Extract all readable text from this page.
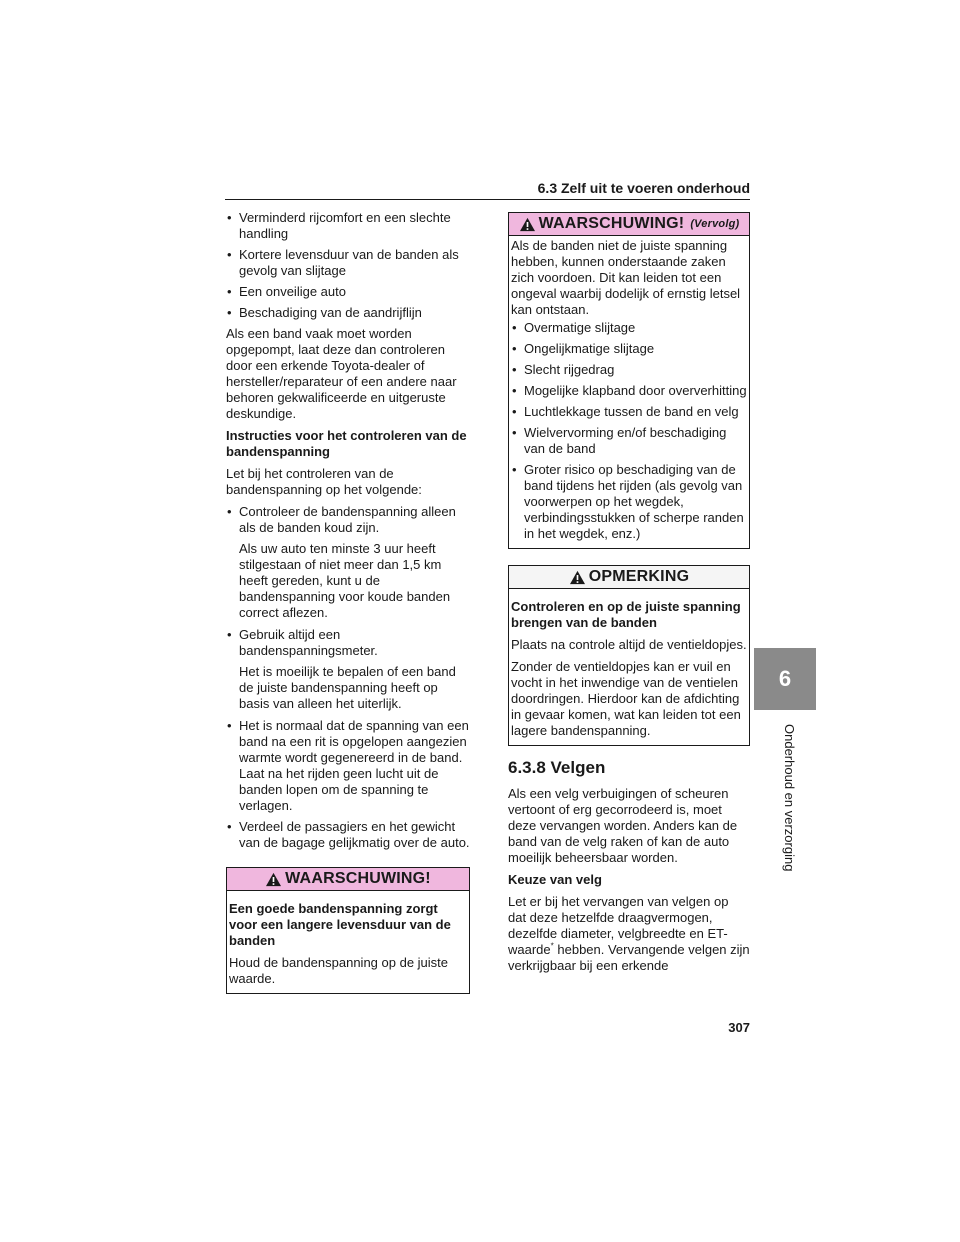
6.3 Zelf uit te voeren onderhoud
6
Onderhoud en verzorging
• Verminderd rijcomfort en een slechte handling
• Kortere levensduur van de banden als gevolg van slijtage
• Een onveilige auto
• Beschadiging van de aandrijflijn

Als een band vaak moet worden opgepompt, laat deze dan controleren door een erkende Toyota-dealer of hersteller/reparateur of een andere naar behoren gekwalificeerde en uitgeruste deskundige.

Instructies voor het controleren van de bandenspanning

Let bij het controleren van de bandenspanning op het volgende:

• Controleer de bandenspanning alleen als de banden koud zijn.
Als uw auto ten minste 3 uur heeft stilgestaan of niet meer dan 1,5 km heeft gereden, kunt u de bandenspanning voor koude banden correct aflezen.
• Gebruik altijd een bandenspanningsmeter.
Het is moeilijk te bepalen of een band de juiste bandenspanning heeft op basis van alleen het uiterlijk.
• Het is normaal dat de spanning van een band na een rit is opgelopen aangezien warmte wordt gegenereerd in de band. Laat na het rijden geen lucht uit de banden lopen om de spanning te verlagen.
• Verdeel de passagiers en het gewicht van de bagage gelijkmatig over de auto.
WAARSCHUWING!

Een goede bandenspanning zorgt voor een langere levensduur van de banden

Houd de bandenspanning op de juiste waarde.

WAARSCHUWING! (Vervolg)

Als de banden niet de juiste spanning hebben, kunnen onderstaande zaken zich voordoen. Dit kan leiden tot een ongeval waarbij dodelijk of ernstig letsel kan ontstaan.

• Overmatige slijtage
• Ongelijkmatige slijtage
• Slecht rijgedrag
• Mogelijke klapband door oververhitting
• Luchtlekkage tussen de band en velg
• Wielvervorming en/of beschadiging van de band
• Groter risico op beschadiging van de band tijdens het rijden (als gevolg van voorwerpen op het wegdek, verbindingsstukken of scherpe randen in het wegdek, enz.)
OPMERKING

Controleren en op de juiste spanning brengen van de banden

Plaats na controle altijd de ventieldopjes.

Zonder de ventieldopjes kan er vuil en vocht in het inwendige van de ventielen doordringen. Hierdoor kan de afdichting in gevaar komen, wat kan leiden tot een lagere bandenspanning.

6.3.8 Velgen

Als een velg verbuigingen of scheuren vertoont of erg gecorrodeerd is, moet deze vervangen worden. Anders kan de band van de velg raken of kan de auto moeilijk beheersbaar worden.

Keuze van velg

Let er bij het vervangen van velgen op dat deze hetzelfde draagvermogen, dezelfde diameter, velgbreedte en ET-waarde* hebben. Vervangende velgen zijn verkrijgbaar bij een erkende

307
